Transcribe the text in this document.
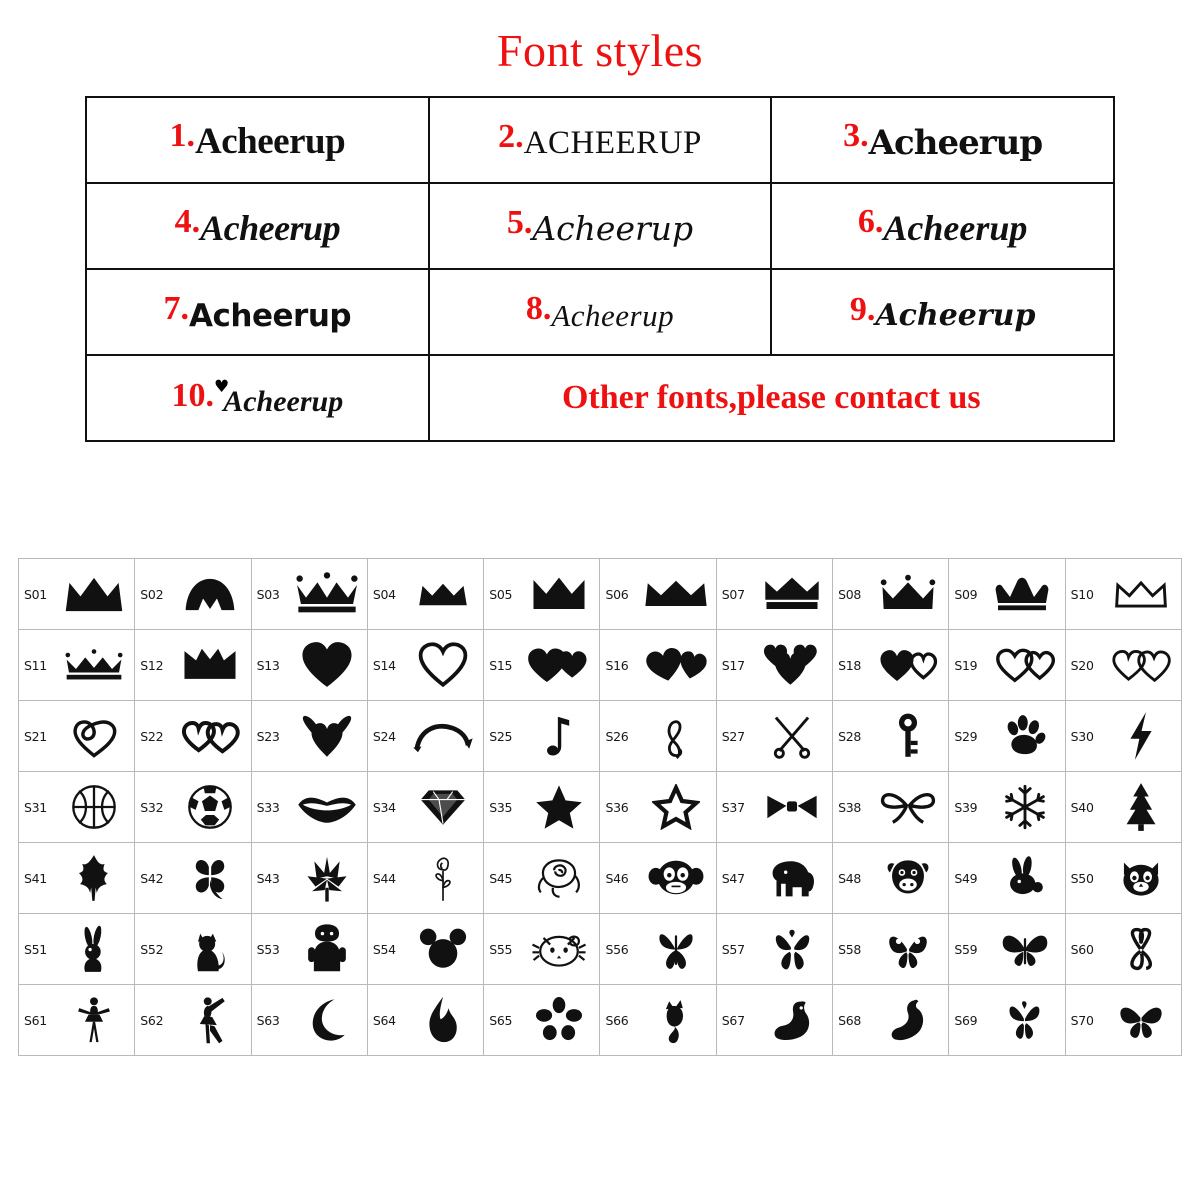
Font styles
1.Acheerup	2.ACHEERUP	3.Acheerup
4.Acheerup	5.Acheerup	6.Acheerup
7.Acheerup	8.Acheerup	9.Acheerup
10.♥Acheerup	Other fonts,please contact us	
S01	S02	S03	S04	S05	S06	S07	S08	S09	S10

S11	S12	S13	S14	S15	S16	S17	S18	S19	S20

S21	S22	S23	S24	S25	S26	S27	S28	S29	S30

S31	S32	S33	S34	S35	S36	S37	S38	S39	S40

S41	S42	S43	S44	S45	S46	S47	S48	S49	S50

S51	S52	S53	S54	S55	S56	S57	S58	S59	S60

S61	S62	S63	S64	S65	S66	S67	S68	S69	S70
